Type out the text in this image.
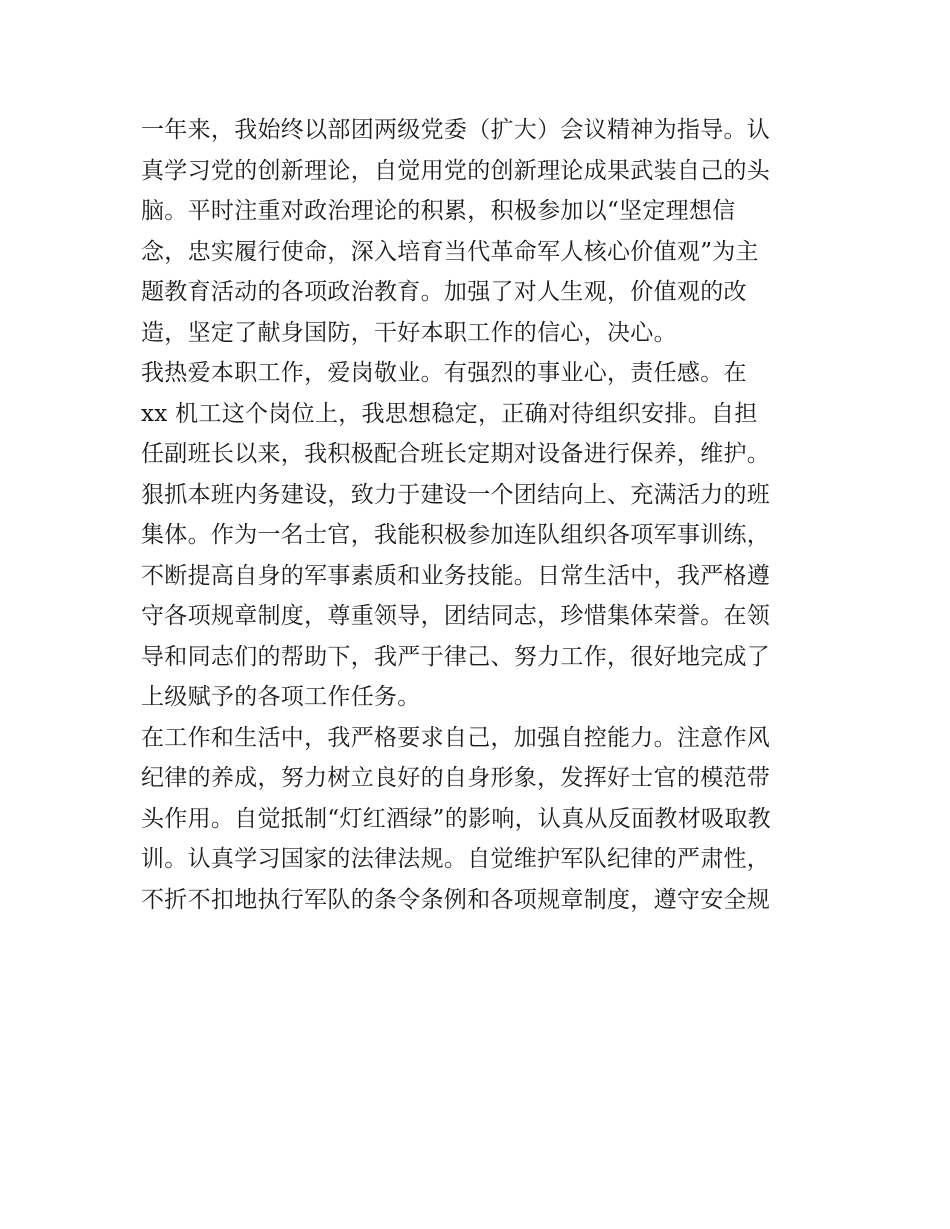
一年来，我始终以部团两级党委（扩大）会议精神为指导。认
真学习党的创新理论，自觉用党的创新理论成果武装自己的头
脑。平时注重对政治理论的积累，积极参加以“坚定理想信
念，忠实履行使命，深入培育当代革命军人核心价值观”为主
题教育活动的各项政治教育。加强了对人生观，价值观的改
造，坚定了献身国防，干好本职工作的信心，决心。
我热爱本职工作，爱岗敬业。有强烈的事业心，责任感。在
xx 机工这个岗位上，我思想稳定，正确对待组织安排。自担
任副班长以来，我积极配合班长定期对设备进行保养，维护。
狠抓本班内务建设，致力于建设一个团结向上、充满活力的班
集体。作为一名士官，我能积极参加连队组织各项军事训练，
不断提高自身的军事素质和业务技能。日常生活中，我严格遵
守各项规章制度，尊重领导，团结同志，珍惜集体荣誉。在领
导和同志们的帮助下，我严于律己、努力工作，很好地完成了
上级赋予的各项工作任务。
在工作和生活中，我严格要求自己，加强自控能力。注意作风
纪律的养成，努力树立良好的自身形象，发挥好士官的模范带
头作用。自觉抵制“灯红酒绿”的影响，认真从反面教材吸取教
训。认真学习国家的法律法规。自觉维护军队纪律的严肃性，
不折不扣地执行军队的条令条例和各项规章制度，遵守安全规
